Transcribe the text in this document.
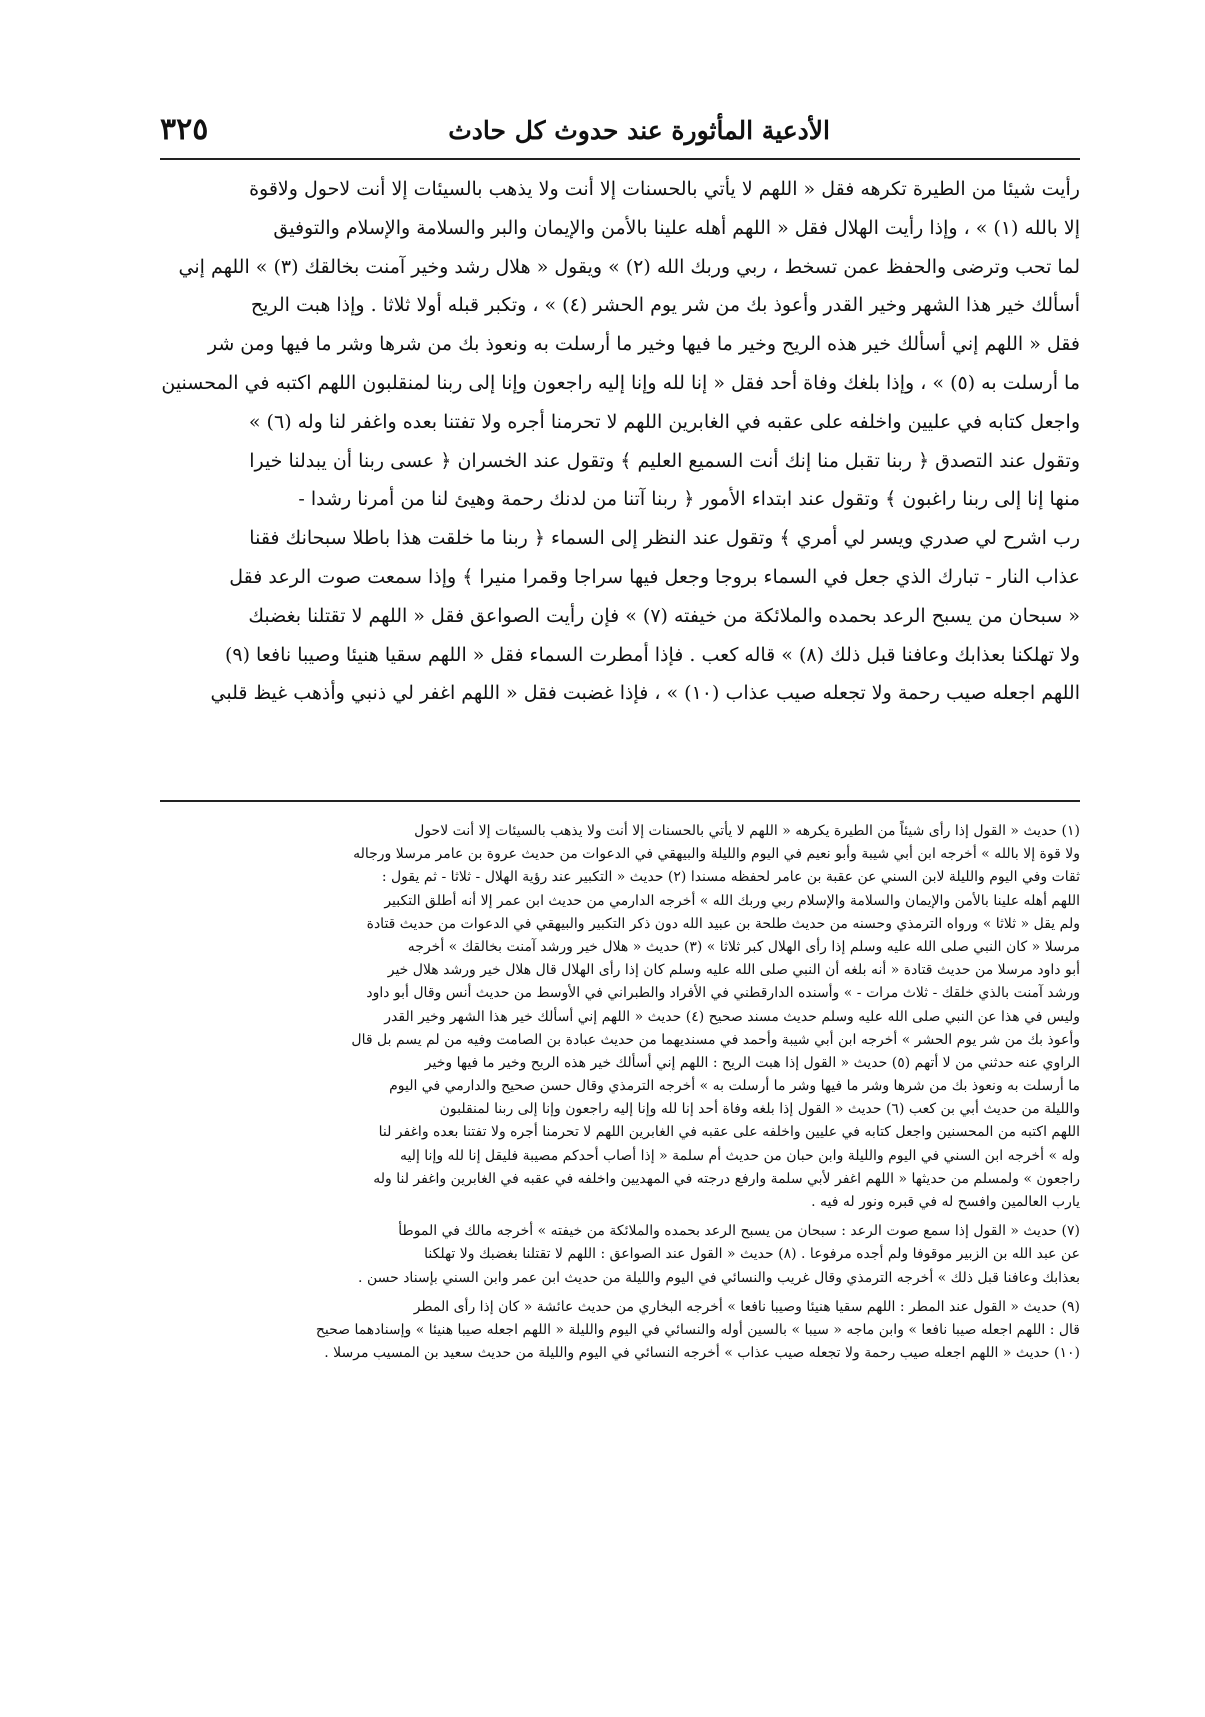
الأدعية المأثورة عند حدوث كل حادث
٣٢٥
رأيت شيئا من الطيرة تكرهه فقل « اللهم لا يأتي بالحسنات إلا أنت ولا يذهب بالسيئات إلا أنت لاحول ولاقوة
إلا بالله (١) » ، وإذا رأيت الهلال فقل « اللهم أهله علينا بالأمن والإيمان والبر والسلامة والإسلام والتوفيق
لما تحب وترضى والحفظ عمن تسخط ، ربي وربك الله (٢) » ويقول « هلال رشد وخير آمنت بخالقك (٣) » اللهم إني
أسألك خير هذا الشهر وخير القدر وأعوذ بك من شر يوم الحشر (٤) » ، وتكبر قبله أولا ثلاثا . وإذا هبت الريح
فقل « اللهم إني أسألك خير هذه الريح وخير ما فيها وخير ما أرسلت به ونعوذ بك من شرها وشر ما فيها ومن شر
ما أرسلت به (٥) » ، وإذا بلغك وفاة أحد فقل « إنا لله وإنا إليه راجعون وإنا إلى ربنا لمنقلبون اللهم اكتبه في المحسنين
واجعل كتابه في عليين واخلفه على عقبه في الغابرين اللهم لا تحرمنا أجره ولا تفتنا بعده واغفر لنا وله (٦) »
وتقول عند التصدق ﴿ ربنا تقبل منا إنك أنت السميع العليم ﴾ وتقول عند الخسران ﴿ عسى ربنا أن يبدلنا خيرا
منها إنا إلى ربنا راغبون ﴾ وتقول عند ابتداء الأمور ﴿ ربنا آتنا من لدنك رحمة وهيئ لنا من أمرنا رشدا -
رب اشرح لي صدري ويسر لي أمري ﴾ وتقول عند النظر إلى السماء ﴿ ربنا ما خلقت هذا باطلا سبحانك فقنا
عذاب النار - تبارك الذي جعل في السماء بروجا وجعل فيها سراجا وقمرا منيرا ﴾ وإذا سمعت صوت الرعد فقل
« سبحان من يسبح الرعد بحمده والملائكة من خيفته (٧) » فإن رأيت الصواعق فقل « اللهم لا تقتلنا بغضبك
ولا تهلكنا بعذابك وعافنا قبل ذلك (٨) » قاله كعب . فإذا أمطرت السماء فقل « اللهم سقيا هنيئا وصيبا نافعا (٩)
اللهم اجعله صيب رحمة ولا تجعله صيب عذاب (١٠) » ، فإذا غضبت فقل « اللهم اغفر لي ذنبي وأذهب غيظ قلبي
(١) حديث « القول إذا رأى شيئاً من الطيرة يكرهه « اللهم لا يأتي بالحسنات إلا أنت ولا يذهب بالسيئات إلا أنت لاحول
ولا قوة إلا بالله » أخرجه ابن أبي شيبة وأبو نعيم في اليوم والليلة والبيهقي في الدعوات من حديث عروة بن عامر مرسلا ورجاله
ثقات وفي اليوم والليلة لابن السني عن عقبة بن عامر لحفظه مسندا (٢) حديث « التكبير عند رؤية الهلال - ثلاثا - ثم يقول :
اللهم أهله علينا بالأمن والإيمان والسلامة والإسلام ربي وربك الله » أخرجه الدارمي من حديث ابن عمر إلا أنه أطلق التكبير
ولم يقل « ثلاثا » ورواه الترمذي وحسنه من حديث طلحة بن عبيد الله دون ذكر التكبير والبيهقي في الدعوات من حديث قتادة
مرسلا « كان النبي صلى الله عليه وسلم إذا رأى الهلال كبر ثلاثا » (٣) حديث « هلال خير ورشد آمنت بخالقك » أخرجه
أبو داود مرسلا من حديث قتادة « أنه بلغه أن النبي صلى الله عليه وسلم كان إذا رأى الهلال قال هلال خير ورشد هلال خير
ورشد آمنت بالذي خلقك - ثلاث مرات - » وأسنده الدارقطني في الأفراد والطبراني في الأوسط من حديث أنس وقال أبو داود
وليس في هذا عن النبي صلى الله عليه وسلم حديث مسند صحيح (٤) حديث « اللهم إني أسألك خير هذا الشهر وخير القدر
وأعوذ بك من شر يوم الحشر » أخرجه ابن أبي شيبة وأحمد في مسنديهما من حديث عبادة بن الصامت وفيه من لم يسم بل قال
الراوي عنه حدثني من لا أتهم (٥) حديث « القول إذا هبت الريح : اللهم إني أسألك خير هذه الريح وخير ما فيها وخير
ما أرسلت به ونعوذ بك من شرها وشر ما فيها وشر ما أرسلت به » أخرجه الترمذي وقال حسن صحيح والدارمي في اليوم
والليلة من حديث أبي بن كعب (٦) حديث « القول إذا بلغه وفاة أحد إنا لله وإنا إليه راجعون وإنا إلى ربنا لمنقلبون
اللهم اكتبه من المحسنين واجعل كتابه في عليين واخلفه على عقبه في الغابرين اللهم لا تحرمنا أجره ولا تفتنا بعده واغفر لنا
وله » أخرجه ابن السني في اليوم والليلة وابن حبان من حديث أم سلمة « إذا أصاب أحدكم مصيبة فليقل إنا لله وإنا إليه
راجعون » ولمسلم من حديثها « اللهم اغفر لأبي سلمة وارفع درجته في المهديين واخلفه في عقبه في الغابرين واغفر لنا وله
يارب العالمين وافسح له في قبره ونور له فيه .
(٧) حديث « القول إذا سمع صوت الرعد : سبحان من يسبح الرعد بحمده والملائكة من خيفته » أخرجه مالك في الموطأ
عن عبد الله بن الزبير موقوفا ولم أجده مرفوعا . (٨) حديث « القول عند الصواعق : اللهم لا تقتلنا بغضبك ولا تهلكنا
بعذابك وعافنا قبل ذلك » أخرجه الترمذي وقال غريب والنسائي في اليوم والليلة من حديث ابن عمر وابن السني بإسناد حسن .
(٩) حديث « القول عند المطر : اللهم سقيا هنيئا وصيبا نافعا » أخرجه البخاري من حديث عائشة « كان إذا رأى المطر
قال : اللهم اجعله صيبا نافعا » وابن ماجه « سيبا » بالسين أوله والنسائي في اليوم والليلة « اللهم اجعله صيبا هنيئا » وإسنادهما صحيح
(١٠) حديث « اللهم اجعله صيب رحمة ولا تجعله صيب عذاب » أخرجه النسائي في اليوم والليلة من حديث سعيد بن المسيب مرسلا .
